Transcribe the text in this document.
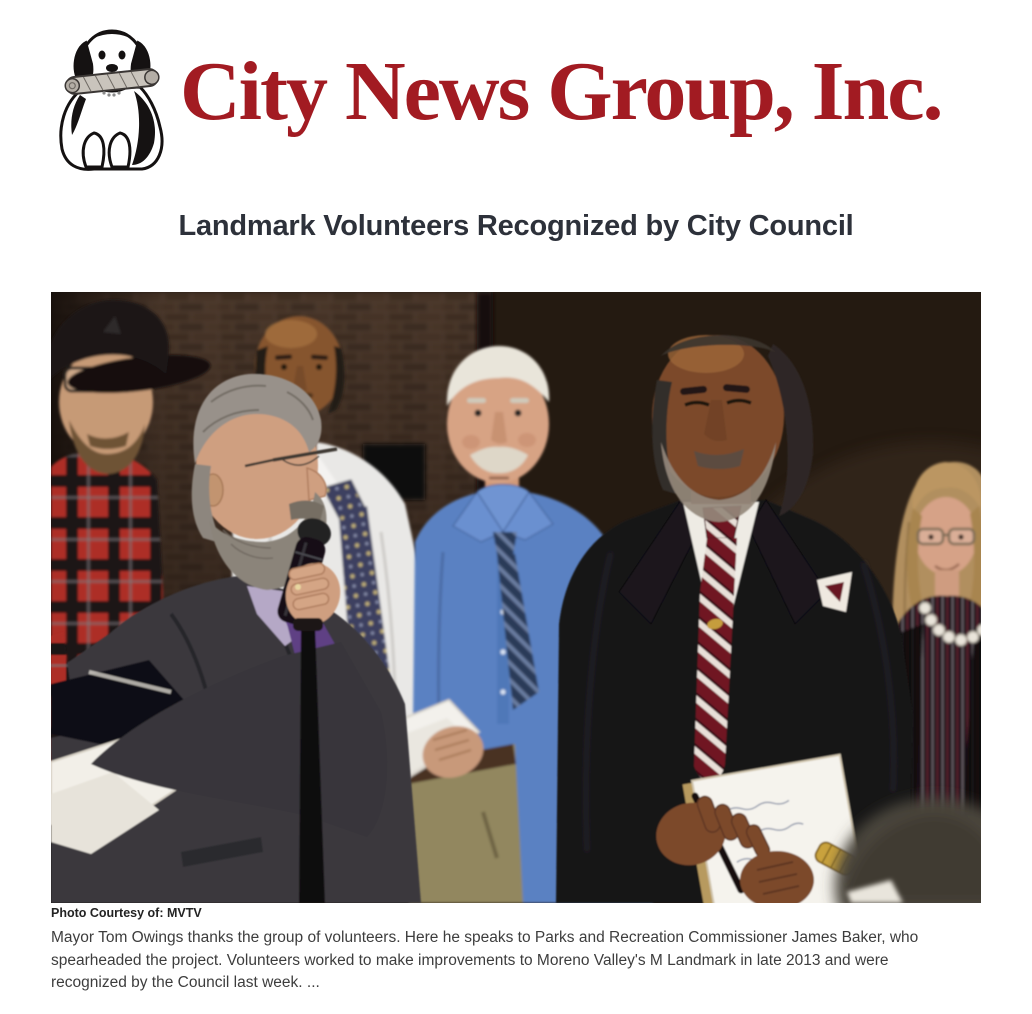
City News Group, Inc.
Landmark Volunteers Recognized by City Council
Photo Courtesy of: MVTV
Mayor Tom Owings thanks the group of volunteers. Here he speaks to Parks and Recreation Commissioner James Baker, who
spearheaded the project. Volunteers worked to make improvements to Moreno Valley's M Landmark in late 2013 and were
recognized by the Council last week. ...
